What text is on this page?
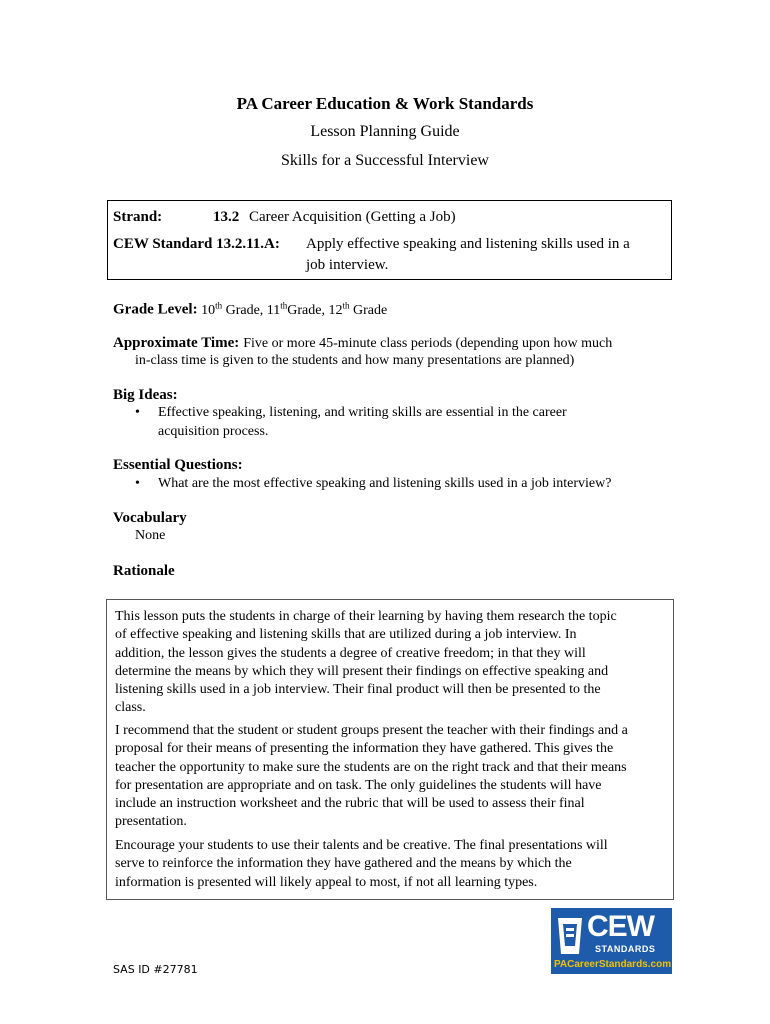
PA Career Education & Work Standards
Lesson Planning Guide
Skills for a Successful Interview
Strand:	13.2 Career Acquisition (Getting a Job)
CEW Standard 13.2.11.A: Apply effective speaking and listening skills used in a
job interview.
Grade Level: 10th Grade, 11thGrade, 12th Grade
Approximate Time: Five or more 45-minute class periods (depending upon how much
in-class time is given to the students and how many presentations are planned)
Big Ideas:
• Effective speaking, listening, and writing skills are essential in the career
acquisition process.
Essential Questions:
• What are the most effective speaking and listening skills used in a job interview?
Vocabulary
None
Rationale
This lesson puts the students in charge of their learning by having them research the topic
of effective speaking and listening skills that are utilized during a job interview. In
addition, the lesson gives the students a degree of creative freedom; in that they will
determine the means by which they will present their findings on effective speaking and
listening skills used in a job interview. Their final product will then be presented to the
class.
I recommend that the student or student groups present the teacher with their findings and a
proposal for their means of presenting the information they have gathered. This gives the
teacher the opportunity to make sure the students are on the right track and that their means
for presentation are appropriate and on task. The only guidelines the students will have
include an instruction worksheet and the rubric that will be used to assess their final
presentation.
Encourage your students to use their talents and be creative. The final presentations will
serve to reinforce the information they have gathered and the means by which the
information is presented will likely appeal to most, if not all learning types.
SAS ID #27781
CEW
STANDARDS
PACareerStandards.com
